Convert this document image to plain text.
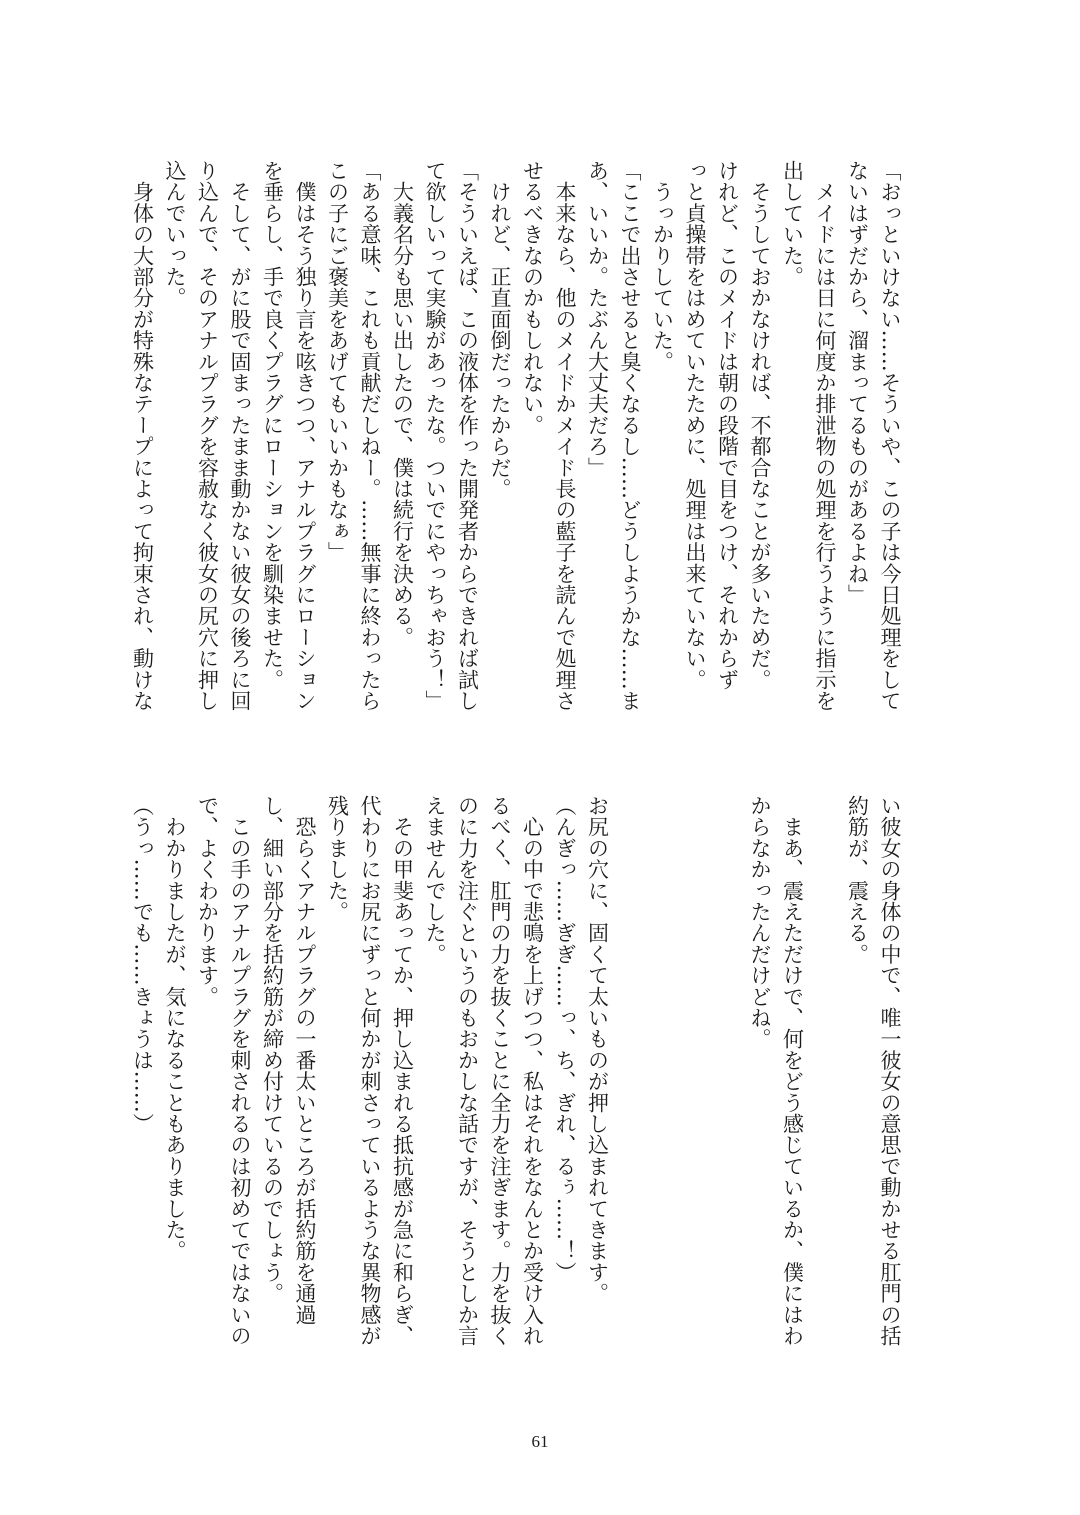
「おっといけない……そういや、この子は今日処理をして
ないはずだから、溜まってるものがあるよね」
　メイドには日に何度か排泄物の処理を行うように指示を
出していた。
　そうしておかなければ、不都合なことが多いためだ。
けれど、このメイドは朝の段階で目をつけ、それからず
っと貞操帯をはめていたために、処理は出来ていない。
　うっかりしていた。
「ここで出させると臭くなるし……どうしようかな……ま
あ、いいか。たぶん大丈夫だろ」
　本来なら、他のメイドかメイド長の藍子を読んで処理さ
せるべきなのかもしれない。
　けれど、正直面倒だったからだ。
「そういえば、この液体を作った開発者からできれば試し
て欲しいって実験があったな。ついでにやっちゃおう！」
　大義名分も思い出したので、僕は続行を決める。
「ある意味、これも貢献だしねー。……無事に終わったら
この子にご褒美をあげてもいいかもなぁ」
　僕はそう独り言を呟きつつ、アナルプラグにローション
を垂らし、手で良くプラグにローションを馴染ませた。
　そして、がに股で固まったまま動かない彼女の後ろに回
り込んで、そのアナルプラグを容赦なく彼女の尻穴に押し
込んでいった。
　身体の大部分が特殊なテープによって拘束され、動けな
い彼女の身体の中で、唯一彼女の意思で動かせる肛門の括
約筋が、震える。
　まあ、震えただけで、何をどう感じているか、僕にはわ
からなかったんだけどね。
お尻の穴に、固くて太いものが押し込まれてきます。
（んぎっ……ぎぎ……っ、ち、ぎれ、るぅ……！）
　心の中で悲鳴を上げつつ、私はそれをなんとか受け入れ
るべく、肛門の力を抜くことに全力を注ぎます。力を抜く
のに力を注ぐというのもおかしな話ですが、そうとしか言
えませんでした。
　その甲斐あってか、押し込まれる抵抗感が急に和らぎ、
代わりにお尻にずっと何かが刺さっているような異物感が
残りました。
　恐らくアナルプラグの一番太いところが括約筋を通過
し、細い部分を括約筋が締め付けているのでしょう。
　この手のアナルプラグを刺されるのは初めてではないの
で、よくわかります。
　わかりましたが、気になることもありました。
（うっ……でも……きょうは……）
61
